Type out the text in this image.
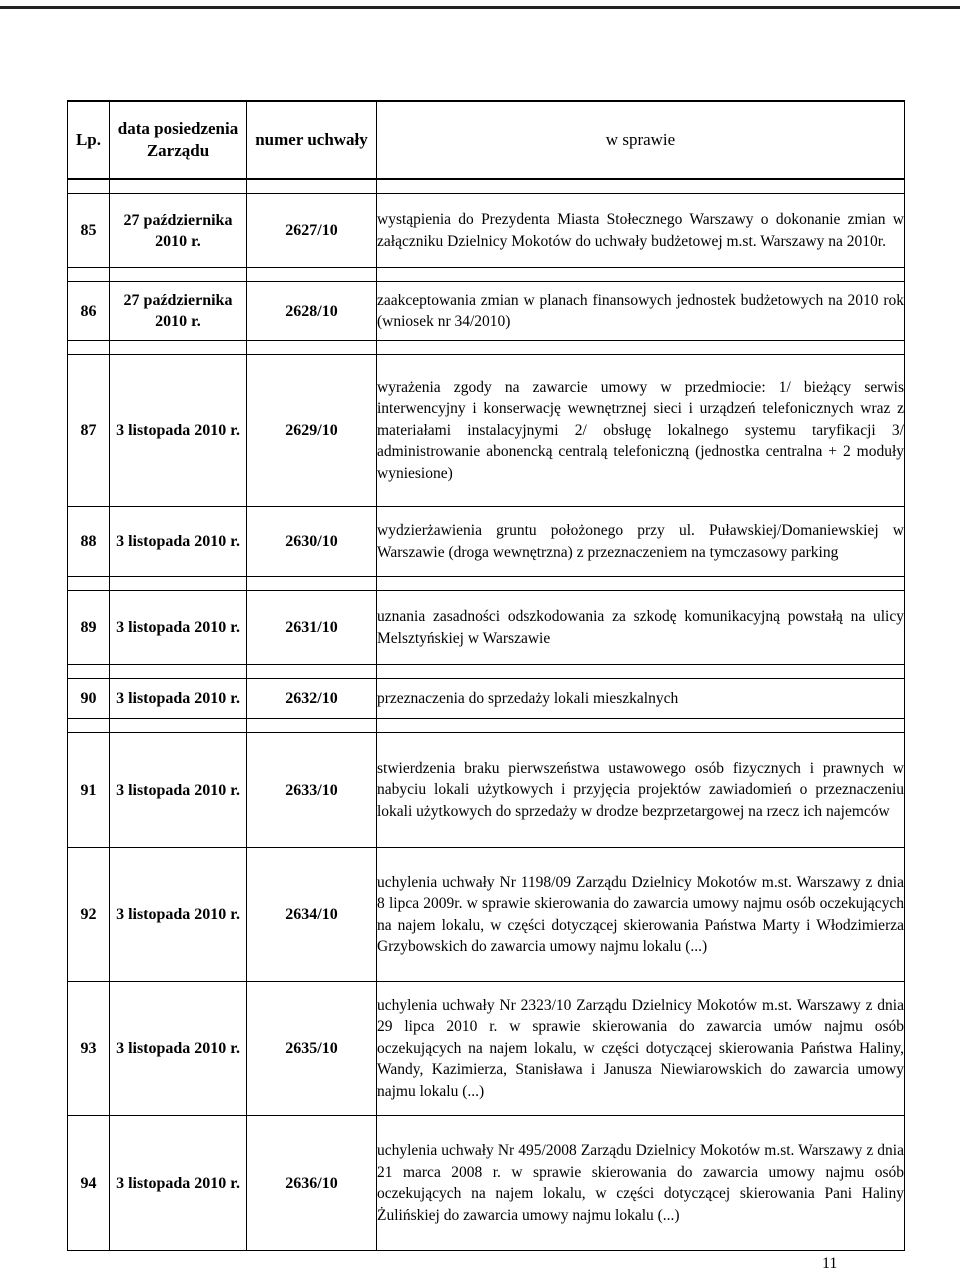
Lp.	data posiedzenia Zarządu	numer uchwały	w sprawie

85	27 października 2010 r.	2627/10	wystąpienia do Prezydenta Miasta Stołecznego Warszawy o dokonanie zmian w załączniku Dzielnicy Mokotów do uchwały budżetowej m.st. Warszawy na 2010r.

86	27 października 2010 r.	2628/10	zaakceptowania zmian w planach finansowych jednostek budżetowych na 2010 rok (wniosek nr 34/2010)

87	3 listopada 2010 r.	2629/10	wyrażenia zgody na zawarcie umowy w przedmiocie: 1/ bieżący serwis interwencyjny i konserwację wewnętrznej sieci i urządzeń telefonicznych wraz z materiałami instalacyjnymi 2/ obsługę lokalnego systemu taryfikacji 3/ administrowanie abonencką centralą telefoniczną (jednostka centralna + 2 moduły wyniesione)
88	3 listopada 2010 r.	2630/10	wydzierżawienia gruntu położonego przy ul. Puławskiej/Domaniewskiej w Warszawie (droga wewnętrzna) z przeznaczeniem na tymczasowy parking

89	3 listopada 2010 r.	2631/10	uznania zasadności odszkodowania za szkodę komunikacyjną powstałą na ulicy Melsztyńskiej w Warszawie

90	3 listopada 2010 r.	2632/10	przeznaczenia do sprzedaży lokali mieszkalnych

91	3 listopada 2010 r.	2633/10	stwierdzenia braku pierwszeństwa ustawowego osób fizycznych i prawnych w nabyciu lokali użytkowych i przyjęcia projektów zawiadomień o przeznaczeniu lokali użytkowych do sprzedaży w drodze bezprzetargowej na rzecz ich najemców
92	3 listopada 2010 r.	2634/10	uchylenia uchwały Nr 1198/09 Zarządu Dzielnicy Mokotów m.st. Warszawy z dnia 8 lipca 2009r. w sprawie skierowania do zawarcia umowy najmu osób oczekujących na najem lokalu, w części dotyczącej skierowania Państwa Marty i Włodzimierza Grzybowskich do zawarcia umowy najmu lokalu (...)
93	3 listopada 2010 r.	2635/10	uchylenia uchwały Nr 2323/10 Zarządu Dzielnicy Mokotów m.st. Warszawy z dnia 29 lipca 2010 r. w sprawie skierowania do zawarcia umów najmu osób oczekujących na najem lokalu, w części dotyczącej skierowania Państwa Haliny, Wandy, Kazimierza, Stanisława i Janusza Niewiarowskich do zawarcia umowy najmu lokalu (...)
94	3 listopada 2010 r.	2636/10	uchylenia uchwały Nr 495/2008 Zarządu Dzielnicy Mokotów m.st. Warszawy z dnia 21 marca 2008 r. w sprawie skierowania do zawarcia umowy najmu osób oczekujących na najem lokalu, w części dotyczącej skierowania Pani Haliny Żulińskiej do zawarcia umowy najmu lokalu (...)
11
